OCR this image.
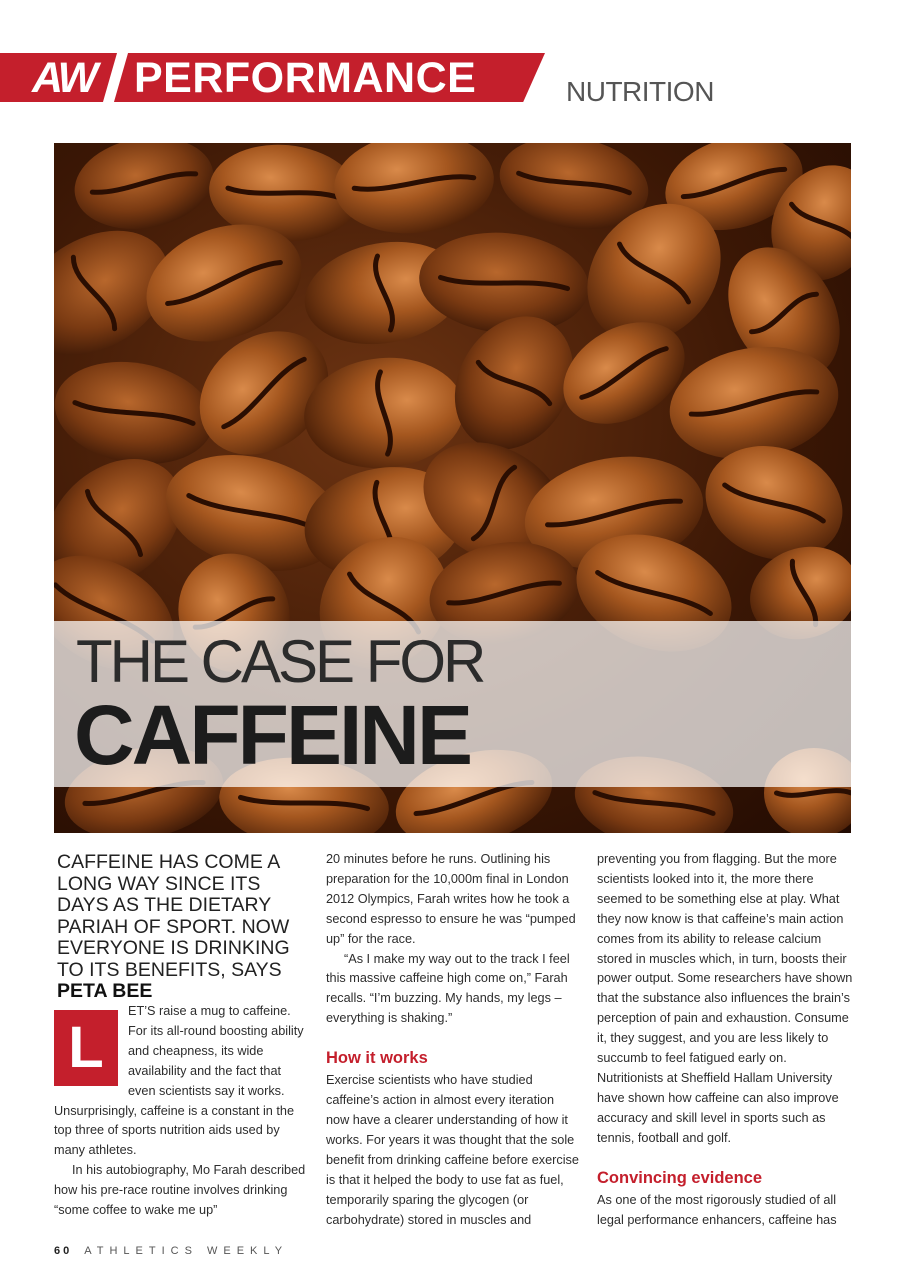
AW PERFORMANCE	NUTRITION
THE CASE FOR
CAFFEINE
CAFFEINE HAS COME A LONG WAY SINCE ITS DAYS AS THE DIETARY PARIAH OF SPORT. NOW EVERYONE IS DRINKING TO ITS BENEFITS, SAYS PETA BEE
L

ET’S raise a mug to caffeine. For its all-round boosting ability and cheapness, its wide availability and the fact that even scientists say it works. Unsurprisingly, caffeine is a constant in the top three of sports nutrition aids used by many athletes.

In his autobiography, Mo Farah described how his pre-race routine involves drinking “some coffee to wake me up”

20 minutes before he runs. Outlining his preparation for the 10,000m final in London 2012 Olympics, Farah writes how he took a second espresso to ensure he was “pumped up” for the race.

“As I make my way out to the track I feel this massive caffeine high come on,” Farah recalls. “I’m buzzing. My hands, my legs – everything is shaking.”

How it works

Exercise scientists who have studied caffeine’s action in almost every iteration now have a clearer understanding of how it works. For years it was thought that the sole benefit from drinking caffeine before exercise is that it helped the body to use fat as fuel, temporarily sparing the glycogen (or carbohydrate) stored in muscles and

preventing you from flagging. But the more scientists looked into it, the more there seemed to be something else at play. What they now know is that caffeine’s main action comes from its ability to release calcium stored in muscles which, in turn, boosts their power output. Some researchers have shown that the substance also influences the brain’s perception of pain and exhaustion. Consume it, they suggest, and you are less likely to succumb to feel fatigued early on. Nutritionists at Sheffield Hallam University have shown how caffeine can also improve accuracy and skill level in sports such as tennis, football and golf.

Convincing evidence

As one of the most rigorously studied of all legal performance enhancers, caffeine has

60 ATHLETICS WEEKLY
